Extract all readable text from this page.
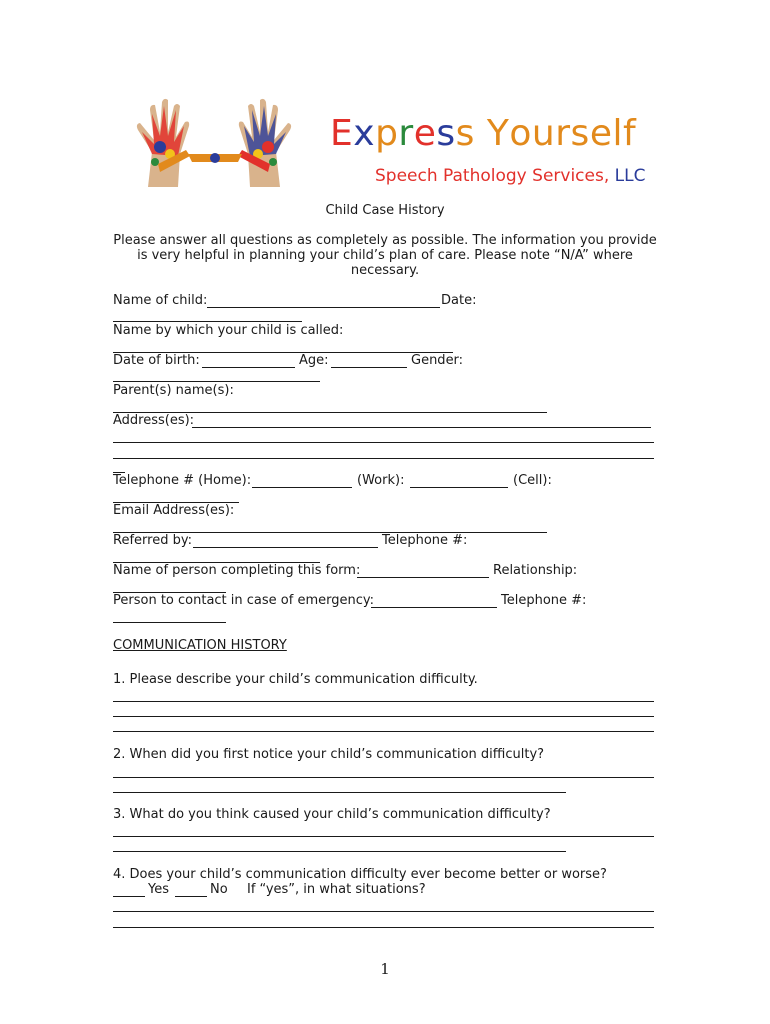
Express Yourself
Speech Pathology Services, LLC
Child Case History
Please answer all questions as completely as possible. The information you provide
is very helpful in planning your child’s plan of care. Please note “N/A” where
necessary.
Name of child:	Date:
Name by which your child is called:
Date of birth:	Age:	Gender:
Parent(s) name(s):
Address(es):
Telephone # (Home):	(Work):	(Cell):
Email Address(es):
Referred by:	Telephone #:
Name of person completing this form:	Relationship:
Person to contact in case of emergency:	Telephone #:
COMMUNICATION HISTORY
1. Please describe your child’s communication difficulty.
2. When did you first notice your child’s communication difficulty?
3. What do you think caused your child’s communication difficulty?
4. Does your child’s communication difficulty ever become better or worse?
Yes	No If “yes”, in what situations?
1
